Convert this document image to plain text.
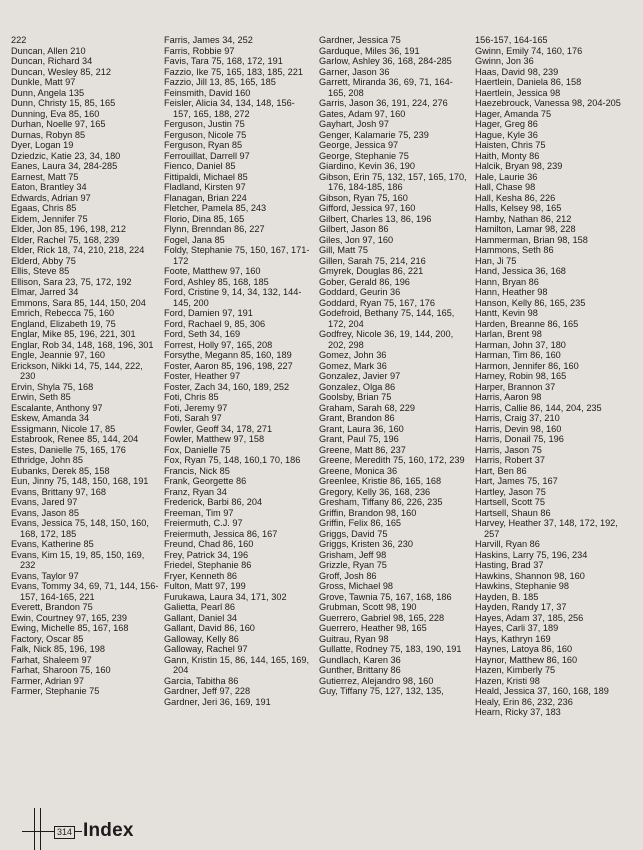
222
Duncan, Allen 210
Duncan, Richard 34
Duncan, Wesley 85, 212
Dunkle, Matt 97
Dunn, Angela 135
Dunn, Christy 15, 85, 165
Dunning, Eva 85, 160
Durhan, Noelle 97, 165
Durnas, Robyn 85
Dyer, Logan 19
Dziedzic, Katie 23, 34, 180
Eanes, Laura 34, 284-285
Earnest, Matt 75
Eaton, Brantley 34
Edwards, Adrian 97
Egaas, Chris 85
Eidem, Jennifer 75
Elder, Jon 85, 196, 198, 212
Elder, Rachel 75, 168, 239
Elder, Rick 18, 74, 210, 218, 224
Elderd, Abby 75
Ellis, Steve 85
Ellison, Sara 23, 75, 172, 192
Elmar, Jarred 34
Emmons, Sara 85, 144, 150, 204
Emrich, Rebecca 75, 160
England, Elizabeth 19, 75
Englar, Mike 85, 196, 221, 301
Englar, Rob 34, 148, 168, 196, 301
Engle, Jeannie 97, 160
Erickson, Nikki 14, 75, 144, 222, 230
Ervin, Shyla 75, 168
Erwin, Seth 85
Escalante, Anthony 97
Eskew, Amanda 34
Essigmann, Nicole 17, 85
Estabrook, Renee 85, 144, 204
Estes, Danielle 75, 165, 176
Ethridge, John 85
Eubanks, Derek 85, 158
Eun, Jinny 75, 148, 150, 168, 191
Evans, Brittany 97, 168
Evans, Jared 97
Evans, Jason 85
Evans, Jessica 75, 148, 150, 160, 168, 172, 185
Evans, Katherine 85
Evans, Kim 15, 19, 85, 150, 169, 232
Evans, Taylor 97
Evans, Tommy 34, 69, 71, 144, 156-157, 164-165, 221
Everett, Brandon 75
Ewin, Courtney 97, 165, 239
Ewing, Michelle 85, 167, 168
Factory, Oscar 85
Falk, Nick 85, 196, 198
Farhat, Shaleem 97
Farhat, Sharoon 75, 160
Farmer, Adrian 97
Farmer, Stephanie 75
Farris, James 34, 252
Farris, Robbie 97
Favis, Tara 75, 168, 172, 191
Fazzio, Ike 75, 165, 183, 185, 221
Fazzio, Jill 13, 85, 165, 185
Feinsmith, David 160
Feisler, Alicia 34, 134, 148, 156-157, 165, 188, 272
Ferguson, Justin 75
Ferguson, Nicole 75
Ferguson, Ryan 85
Ferrouillat, Darrell 97
Fienco, Daniel 85
Fittipaldi, Michael 85
Fladland, Kirsten 97
Flanagan, Brian 224
Fletcher, Pamela 85, 243
Florio, Dina 85, 165
Flynn, Brenndan 86, 227
Fogel, Jana 85
Foldy, Stephanie 75, 150, 167, 171-172
Foote, Matthew 97, 160
Ford, Ashley 85, 168, 185
Ford, Cristine 9, 14, 34, 132, 144-145, 200
Ford, Damien 97, 191
Ford, Rachael 9, 85, 306
Ford, Seth 34, 169
Forrest, Holly 97, 165, 208
Forsythe, Megann 85, 160, 189
Foster, Aaron 85, 196, 198, 227
Foster, Heather 97
Foster, Zach 34, 160, 189, 252
Foti, Chris 85
Foti, Jeremy 97
Foti, Sarah 97
Fowler, Geoff 34, 178, 271
Fowler, Matthew 97, 158
Fox, Danielle 75
Fox, Ryan 75, 148, 160,1 70, 186
Francis, Nick 85
Frank, Georgette 86
Franz, Ryan 34
Frederick, Barbi 86, 204
Freeman, Tim 97
Freiermuth, C.J. 97
Freiermuth, Jessica 86, 167
Freund, Chad 86, 160
Frey, Patrick 34, 196
Friedel, Stephanie 86
Fryer, Kenneth 86
Fulton, Matt 97, 199
Furukawa, Laura 34, 171, 302
Galietta, Pearl 86
Gallant, Daniel 34
Gallant, David 86, 160
Galloway, Kelly 86
Galloway, Rachel 97
Gann, Kristin 15, 86, 144, 165, 169, 204
Garcia, Tabitha 86
Gardner, Jeff 97, 228
Gardner, Jeri 36, 169, 191
Gardner, Jessica 75
Garduque, Miles 36, 191
Garlow, Ashley 36, 168, 284-285
Garner, Jason 36
Garrett, Miranda 36, 69, 71, 164-165, 208
Garris, Jason 36, 191, 224, 276
Gates, Adam 97, 160
Gayhart, Josh 97
Genger, Kalamarie 75, 239
George, Jessica 97
George, Stephanie 75
Giardino, Kevin 36, 190
Gibson, Erin 75, 132, 157, 165, 170, 176, 184-185, 186
Gibson, Ryan 75, 160
Gifford, Jessica 97, 160
Gilbert, Charles 13, 86, 196
Gilbert, Jason 86
Giles, Jon 97, 160
Gill, Matt 75
Gillen, Sarah 75, 214, 216
Gmyrek, Douglas 86, 221
Gober, Gerald 86, 196
Goddard, Geurin 36
Goddard, Ryan 75, 167, 176
Godefroid, Bethany 75, 144, 165, 172, 204
Godfrey, Nicole 36, 19, 144, 200, 202, 298
Gomez, John 36
Gomez, Mark 36
Gonzalez, Javier 97
Gonzalez, Olga 86
Goolsby, Brian 75
Graham, Sarah 68, 229
Grant, Brandon 86
Grant, Laura 36, 160
Grant, Paul 75, 196
Greene, Matt 86, 237
Greene, Meredith 75, 160, 172, 239
Greene, Monica 36
Greenlee, Kristie 86, 165, 168
Gregory, Kelly 36, 168, 236
Gresham, Tiffany 86, 226, 235
Griffin, Brandon 98, 160
Griffin, Felix 86, 165
Griggs, David 75
Griggs, Kristen 36, 230
Grisham, Jeff 98
Grizzle, Ryan 75
Groff, Josh 86
Gross, Michael 98
Grove, Tawnia 75, 167, 168, 186
Grubman, Scott 98, 190
Guerrero, Gabriel 98, 165, 228
Guerrero, Heather 98, 165
Guitrau, Ryan 98
Gullatte, Rodney 75, 183, 190, 191
Gundlach, Karen 36
Gunther, Brittany 86
Gutierrez, Alejandro 98, 160
Guy, Tiffany 75, 127, 132, 135,
156-157, 164-165
Gwinn, Emily 74, 160, 176
Gwinn, Jon 36
Haas, David 98, 239
Haertlein, Daniela 86, 158
Haertlein, Jessica 98
Haezebrouck, Vanessa 98, 204-205
Hager, Amanda 75
Hager, Greg 86
Hague, Kyle 36
Haisten, Chris 75
Haith, Monty 86
Halcik, Bryan 98, 239
Hale, Laurie 36
Hall, Chase 98
Hall, Kesha 86, 226
Halls, Kelsey 98, 165
Hamby, Nathan 86, 212
Hamilton, Lamar 98, 228
Hammerman, Brian 98, 158
Hammons, Seth 86
Han, Ji 75
Hand, Jessica 36, 168
Hann, Bryan 86
Hann, Heather 98
Hanson, Kelly 86, 165, 235
Hantt, Kevin 98
Harden, Breanne 86, 165
Harlan, Brent 98
Harman, John 37, 180
Harman, Tim 86, 160
Harmon, Jennifer 86, 160
Harney, Robin 98, 165
Harper, Brannon 37
Harris, Aaron 98
Harris, Callie 86, 144, 204, 235
Harris, Craig 37, 210
Harris, Devin 98, 160
Harris, Donail 75, 196
Harris, Jason 75
Harris, Robert 37
Hart, Ben 86
Hart, James 75, 167
Hartley, Jason 75
Hartsell, Scott 75
Hartsell, Shaun 86
Harvey, Heather 37, 148, 172, 192, 257
Harvill, Ryan 86
Haskins, Larry 75, 196, 234
Hasting, Brad 37
Hawkins, Shannon 98, 160
Hawkins, Stephanie 98
Hayden, B. 185
Hayden, Randy 17, 37
Hayes, Adam 37, 185, 256
Hayes, Carli 37, 189
Hays, Kathryn 169
Haynes, Latoya 86, 160
Haynor, Matthew 86, 160
Hazen, Kimberly 75
Hazen, Kristi 98
Heald, Jessica 37, 160, 168, 189
Healy, Erin 86, 232, 236
Hearn, Ricky 37, 183
314 Index
